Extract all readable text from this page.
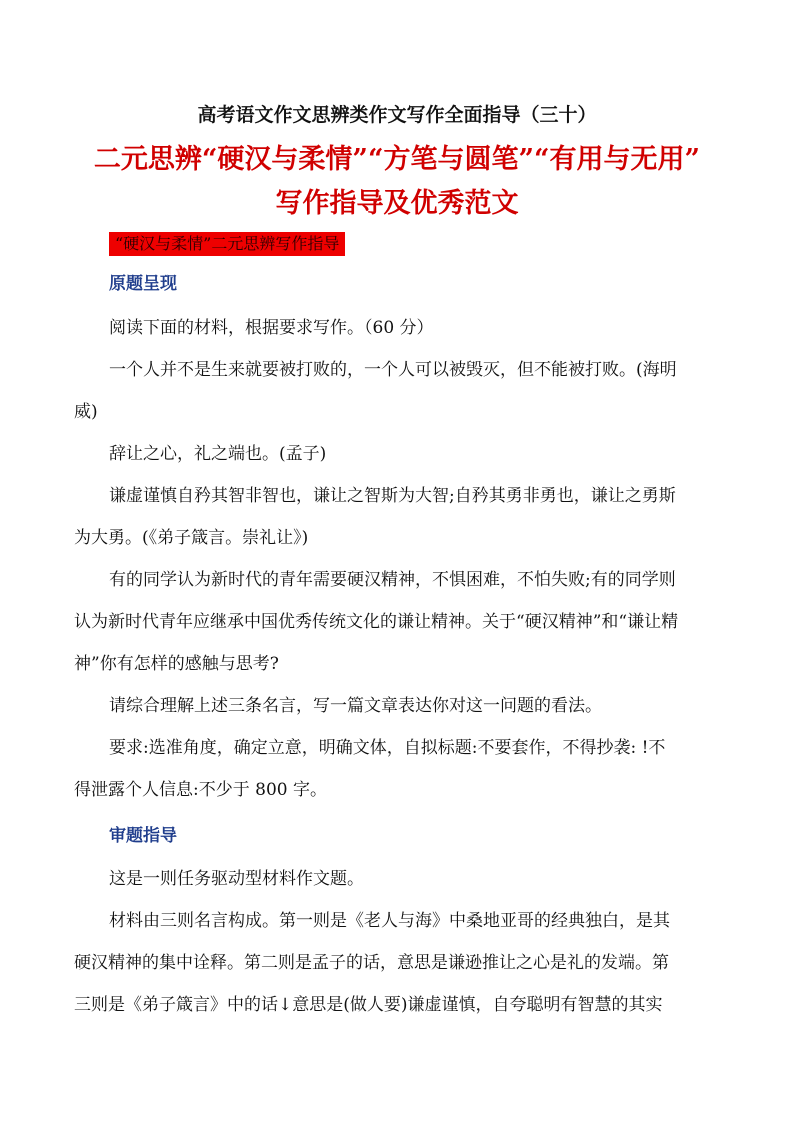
高考语文作文思辨类作文写作全面指导（三十）
二元思辨“硬汉与柔情”“方笔与圆笔”“有用与无用”
写作指导及优秀范文
“硬汉与柔情”二元思辨写作指导
原题呈现
阅读下面的材料，根据要求写作。（60 分）
一个人并不是生来就要被打败的，一个人可以被毁灭，但不能被打败。(海明
威)
辞让之心，礼之端也。(孟子)
谦虚谨慎自矜其智非智也，谦让之智斯为大智;自矜其勇非勇也，谦让之勇斯
为大勇。(《弟子箴言。崇礼让》)
有的同学认为新时代的青年需要硬汉精神，不惧困难，不怕失败;有的同学则
认为新时代青年应继承中国优秀传统文化的谦让精神。关于“硬汉精神”和“谦让精
神”你有怎样的感触与思考?
请综合理解上述三条名言，写一篇文章表达你对这一问题的看法。
要求:选准角度，确定立意，明确文体，自拟标题:不要套作，不得抄袭: !不
得泄露个人信息:不少于 800 字。
审题指导
这是一则任务驱动型材料作文题。
材料由三则名言构成。第一则是《老人与海》中桑地亚哥的经典独白，是其
硬汉精神的集中诠释。第二则是孟子的话，意思是谦逊推让之心是礼的发端。第
三则是《弟子箴言》中的话↓意思是(做人要)谦虚谨慎，自夸聪明有智慧的其实
